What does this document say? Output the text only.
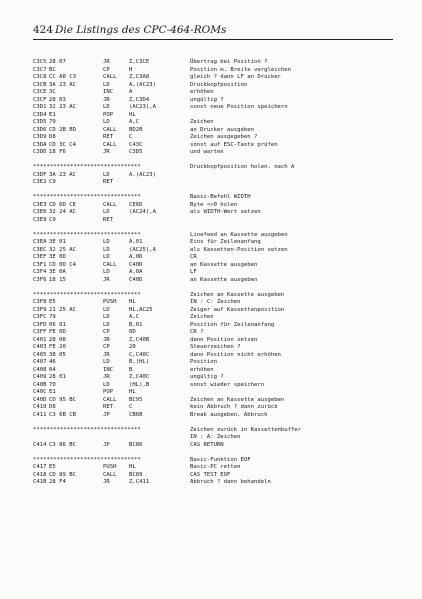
424 Die Listings des CPC-464-ROMs
C3C5 28 07	JR	Z,C3CE	Übertrag bei Position ?
C3C7 BC	CP	H	Position m. Breite vergleichen
C3C8 CC A8 C3	CALL Z,C3A8	gleich ? dann LF an Drucker
C3CB 3A 23 AC	LD	A,(AC23)	Druckkopfposition
C3CE 3C	INC	A	erhöhen
C3CF 28 03	JR	Z,C3D4	ungültig ?
C3D1 32 23 AC	LD	(AC23),A	sonst neue Position speichern
C3D4 E1	POP	HL
C3D5 79	LD	A,C	Zeichen
C3D6 CD 2B BD	CALL BD2B	an Drucker ausgeben
C3D9 D8	RET	C	Zeichen ausgegeben ?
C3DA CD 3C C4	CALL C43C	sonst auf ESC-Taste prüfen
C3DD 18 F6	JR	C3D5	und warten
********************************	Druckkopfposition holen, nach A
C3DF 3A 23 AC	LD	A,(AC23)
C3E2 C9	RET
********************************	Basic-Befehl WIDTH
C3E3 CD 6D CE	CALL CE6D	Byte <>0 holen
C3E6 32 24 AC	LD	(AC24),A	als WIDTH-Wert setzen
C3E9 C9	RET
********************************	Linefeed an Kassette ausgeben
C3EA 3E 01	LD	A,01	Eins für Zeilenanfang
C3EC 32 25 AC	LD	(AC25),A	als Kassetten-Position setzen
C3EF 3E 0D	LD	A,0D	CR
C3F1 CD 0D C4	CALL C40D	an Kassette ausgeben
C3F4 3E 0A	LD	A,0A	LF
C3F6 18 15	JR	C40D	an Kassette ausgeben
********************************	Zeichen an Kassette ausgeben
C3F8 E5	PUSH HL	IN : C: Zeichen
C3F9 21 25 AC	LD	HL,AC25	Zeiger auf Kassettenposition
C3FC 79	LD	A,C	Zeichen
C3FD 06 01	LD	B,01	Position für Zeilenanfang
C3FF FE 0D	CP	0D	CR ?
C401 28 08	JR	Z,C40B	dann Position setzen
C403 FE 20	CP	20	Steuerzeichen ?
C405 38 05	JR	C,C40C	dann Position nicht erhöhen
C407 46	LD	B,(HL)	Position
C408 04	INC	B	erhöhen
C409 28 01	JR	Z,C40C	ungültig ?
C40B 70	LD	(HL),B	sonst wieder speichern
C40C E1	POP	HL
C40D CD 95 BC	CALL BC95	Zeichen an Kassette ausgeben
C410 D8	RET	C	kein Abbruch ? dann zurück
C411 C3 6B CB	JP	CB6B	Break ausgeben, Abbruch
********************************	Zeichen zurück in Kassettenbuffer
IN : A: Zeichen
C414 C3 86 BC	JP	BC86	CAS RETURN
********************************	Basic-Funktion EOF
C417 E5	PUSH HL	Basic-PC retten
C418 CD 89 BC	CALL BC89	CAS TEST EOF
C41B 28 F4	JR	Z,C411	Abbruch ? dann behandeln
